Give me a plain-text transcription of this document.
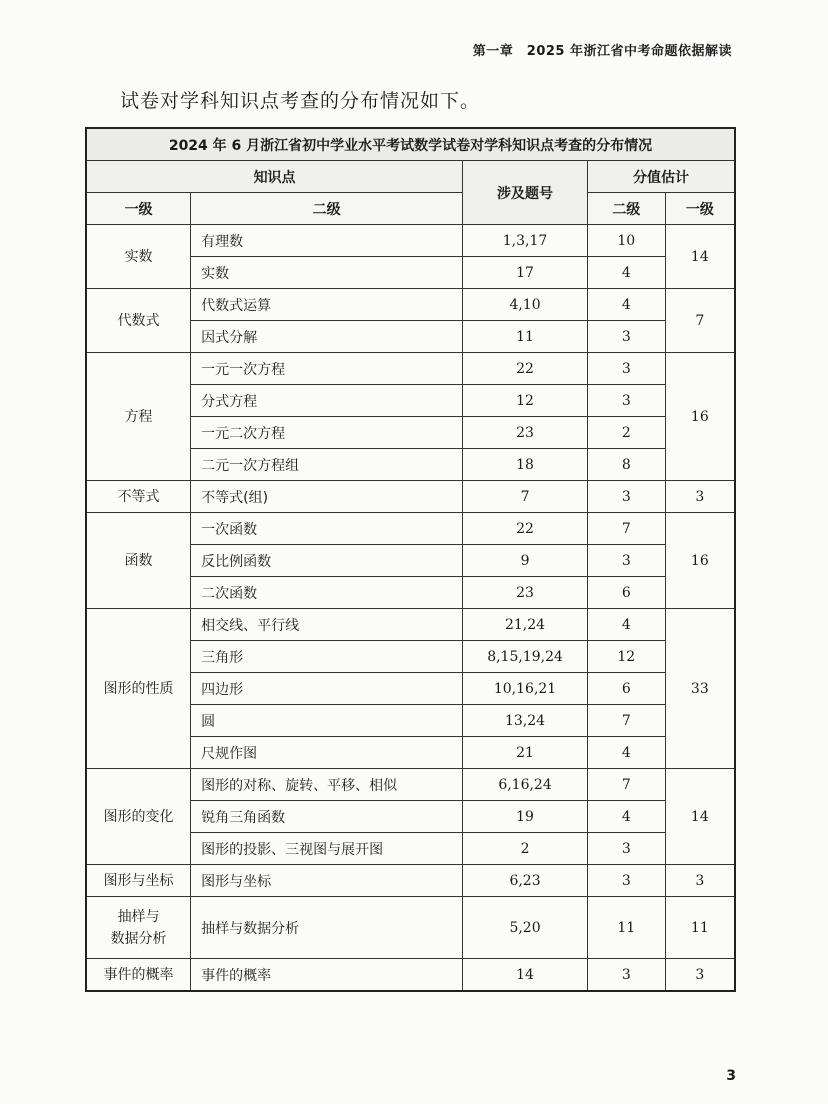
第一章　2025 年浙江省中考命题依据解读
试卷对学科知识点考查的分布情况如下。
2024 年 6 月浙江省初中学业水平考试数学试卷对学科知识点考查的分布情况				
知识点		涉及题号	分值估计	
一级	二级		二级	一级
实数	有理数	1,3,17	10	14
	实数	17	4	
代数式	代数式运算	4,10	4	7
	因式分解	11	3	
方程	一元一次方程	22	3	16
	分式方程	12	3	
	一元二次方程	23	2	
	二元一次方程组	18	8	
不等式	不等式(组)	7	3	3
函数	一次函数	22	7	16
	反比例函数	9	3	
	二次函数	23	6	
图形的性质	相交线、平行线	21,24	4	33
	三角形	8,15,19,24	12	
	四边形	10,16,21	6	
	圆	13,24	7	
	尺规作图	21	4	
图形的变化	图形的对称、旋转、平移、相似	6,16,24	7	14
	锐角三角函数	19	4	
	图形的投影、三视图与展开图	2	3	
图形与坐标	图形与坐标	6,23	3	3
抽样与
数据分析	抽样与数据分析	5,20	11	11
事件的概率	事件的概率	14	3	3
3
